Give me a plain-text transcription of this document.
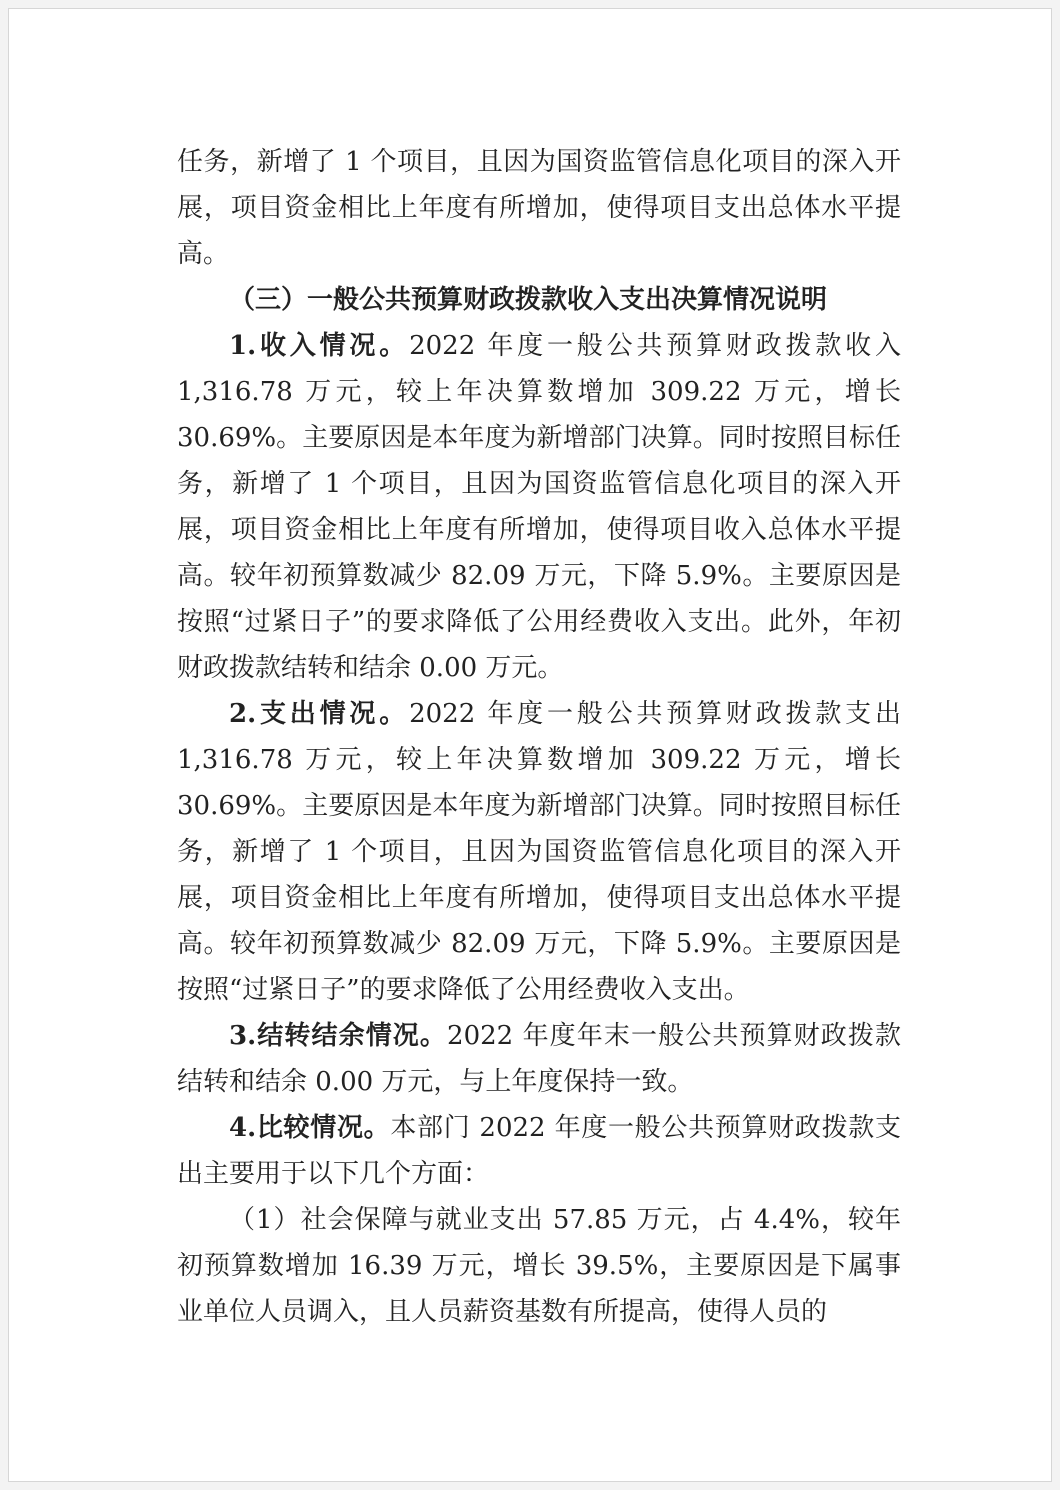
任务，新增了 1 个项目，且因为国资监管信息化项目的深入开展，项目资金相比上年度有所增加，使得项目支出总体水平提高。

（三）一般公共预算财政拨款收入支出决算情况说明

1.收入情况。2022 年度一般公共预算财政拨款收入 1,316.78 万元，较上年决算数增加 309.22 万元，增长 30.69%。主要原因是本年度为新增部门决算。同时按照目标任务，新增了 1 个项目，且因为国资监管信息化项目的深入开展，项目资金相比上年度有所增加，使得项目收入总体水平提高。较年初预算数减少 82.09 万元，下降 5.9%。主要原因是按照“过紧日子”的要求降低了公用经费收入支出。此外，年初财政拨款结转和结余 0.00 万元。

2.支出情况。2022 年度一般公共预算财政拨款支出 1,316.78 万元，较上年决算数增加 309.22 万元，增长 30.69%。主要原因是本年度为新增部门决算。同时按照目标任务，新增了 1 个项目，且因为国资监管信息化项目的深入开展，项目资金相比上年度有所增加，使得项目支出总体水平提高。较年初预算数减少 82.09 万元，下降 5.9%。主要原因是按照“过紧日子”的要求降低了公用经费收入支出。

3.结转结余情况。2022 年度年末一般公共预算财政拨款结转和结余 0.00 万元，与上年度保持一致。

4.比较情况。本部门 2022 年度一般公共预算财政拨款支出主要用于以下几个方面：

（1）社会保障与就业支出 57.85 万元，占 4.4%，较年初预算数增加 16.39 万元，增长 39.5%，主要原因是下属事业单位人员调入，且人员薪资基数有所提高，使得人员的
